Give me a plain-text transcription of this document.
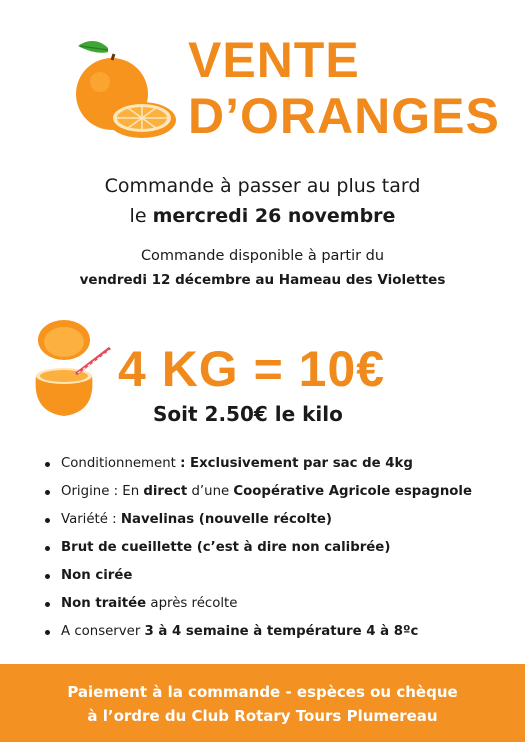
VENTE
D’ORANGES
Commande à passer au plus tard
le mercredi 26 novembre
Commande disponible à partir du
vendredi 12 décembre au Hameau des Violettes
4 KG = 10€
Soit 2.50€ le kilo
Conditionnement : Exclusivement par sac de 4kg
Origine : En direct d’une Coopérative Agricole espagnole
Variété : Navelinas (nouvelle récolte)
Brut de cueillette (c’est à dire non calibrée)
Non cirée
Non traitée après récolte
A conserver 3 à 4 semaine à température 4 à 8ºc
Paiement à la commande - espèces ou chèque
à l’ordre du Club Rotary Tours Plumereau
